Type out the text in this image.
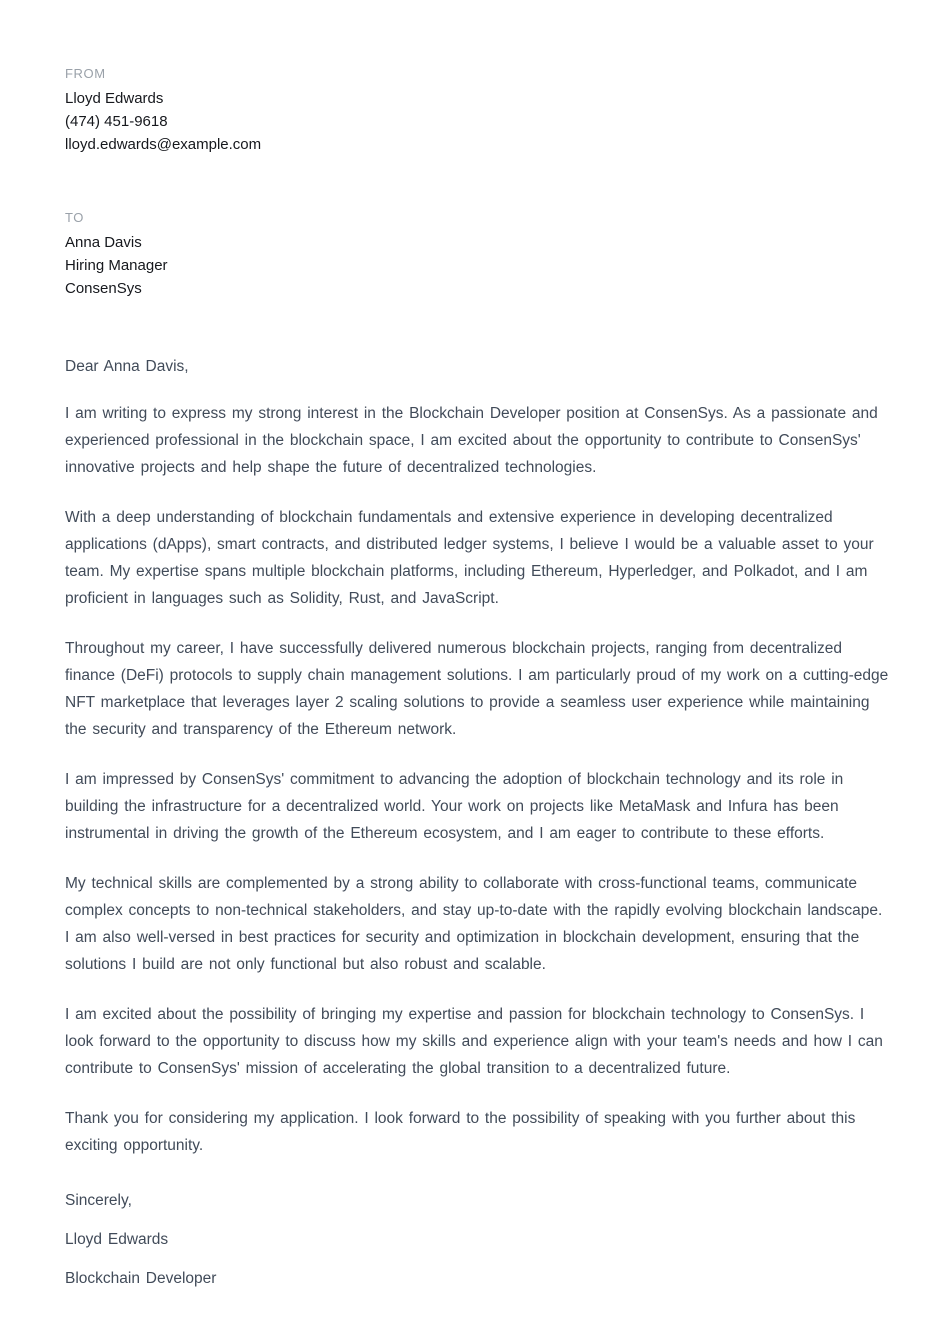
FROM
Lloyd Edwards
(474) 451-9618
lloyd.edwards@example.com
TO
Anna Davis
Hiring Manager
ConsenSys
Dear Anna Davis,

I am writing to express my strong interest in the Blockchain Developer position at ConsenSys. As a passionate and experienced professional in the blockchain space, I am excited about the opportunity to contribute to ConsenSys' innovative projects and help shape the future of decentralized technologies.

With a deep understanding of blockchain fundamentals and extensive experience in developing decentralized applications (dApps), smart contracts, and distributed ledger systems, I believe I would be a valuable asset to your team. My expertise spans multiple blockchain platforms, including Ethereum, Hyperledger, and Polkadot, and I am proficient in languages such as Solidity, Rust, and JavaScript.

Throughout my career, I have successfully delivered numerous blockchain projects, ranging from decentralized finance (DeFi) protocols to supply chain management solutions. I am particularly proud of my work on a cutting-edge NFT marketplace that leverages layer 2 scaling solutions to provide a seamless user experience while maintaining the security and transparency of the Ethereum network.

I am impressed by ConsenSys' commitment to advancing the adoption of blockchain technology and its role in building the infrastructure for a decentralized world. Your work on projects like MetaMask and Infura has been instrumental in driving the growth of the Ethereum ecosystem, and I am eager to contribute to these efforts.

My technical skills are complemented by a strong ability to collaborate with cross-functional teams, communicate complex concepts to non-technical stakeholders, and stay up-to-date with the rapidly evolving blockchain landscape. I am also well-versed in best practices for security and optimization in blockchain development, ensuring that the solutions I build are not only functional but also robust and scalable.

I am excited about the possibility of bringing my expertise and passion for blockchain technology to ConsenSys. I look forward to the opportunity to discuss how my skills and experience align with your team's needs and how I can contribute to ConsenSys' mission of accelerating the global transition to a decentralized future.

Thank you for considering my application. I look forward to the possibility of speaking with you further about this exciting opportunity.

Sincerely,
Lloyd Edwards
Blockchain Developer
